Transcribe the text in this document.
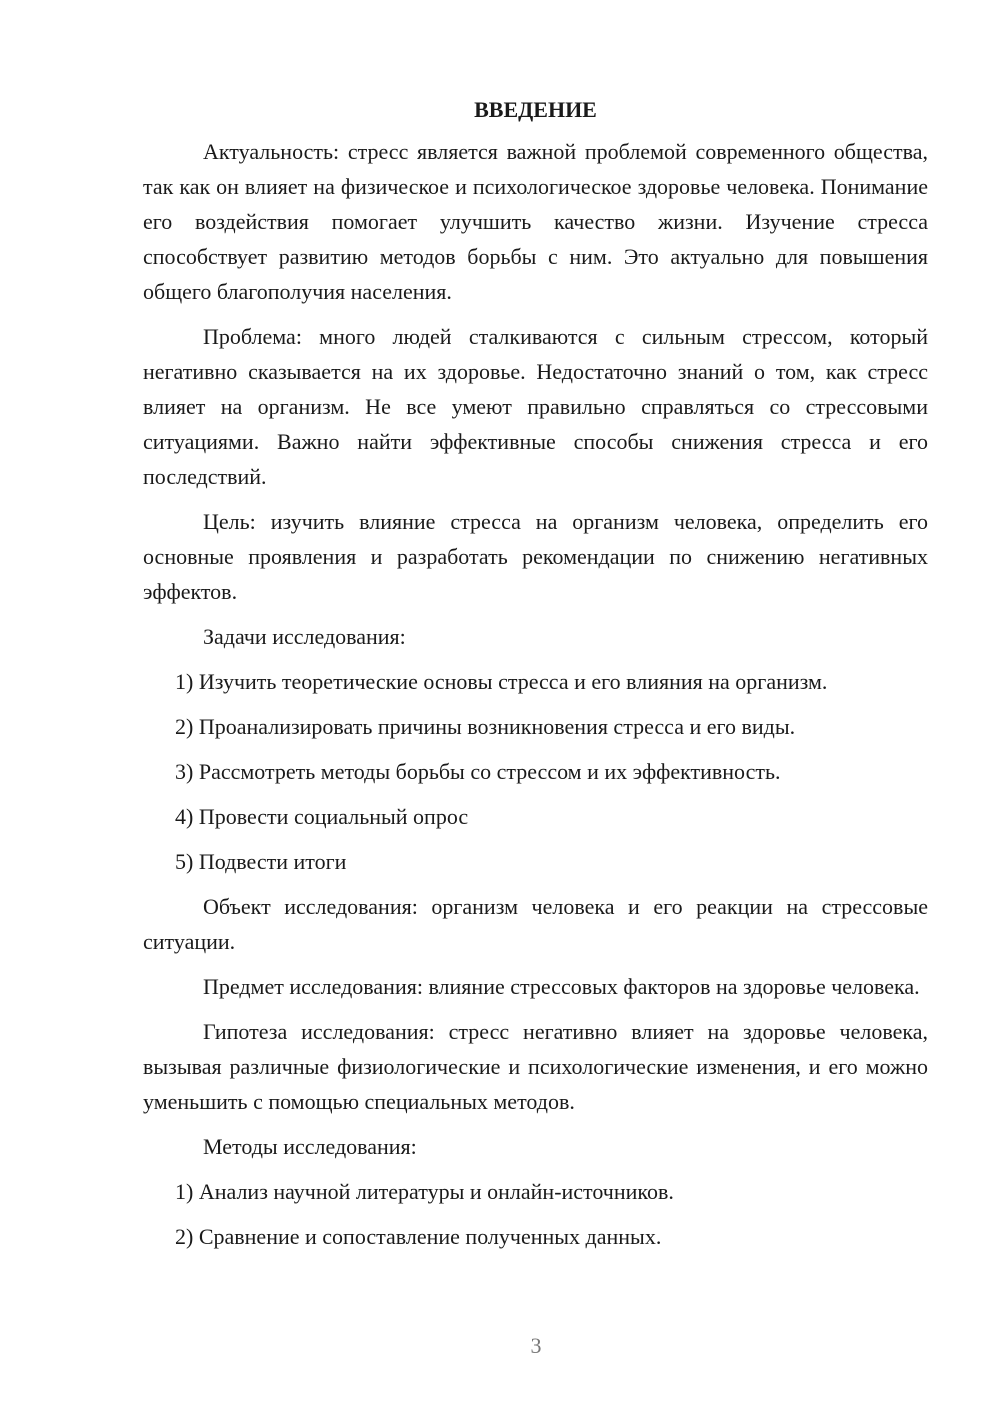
ВВЕДЕНИЕ

Актуальность: стресс является важной проблемой современного общества, так как он влияет на физическое и психологическое здоровье человека. Понимание его воздействия помогает улучшить качество жизни. Изучение стресса способствует развитию методов борьбы с ним. Это актуально для повышения общего благополучия населения.

Проблема: много людей сталкиваются с сильным стрессом, который негативно сказывается на их здоровье. Недостаточно знаний о том, как стресс влияет на организм. Не все умеют правильно справляться со стрессовыми ситуациями. Важно найти эффективные способы снижения стресса и его последствий.

Цель: изучить влияние стресса на организм человека, определить его основные проявления и разработать рекомендации по снижению негативных эффектов.

Задачи исследования:

1) Изучить теоретические основы стресса и его влияния на организм.
2) Проанализировать причины возникновения стресса и его виды.
3) Рассмотреть методы борьбы со стрессом и их эффективность.
4) Провести социальный опрос
5) Подвести итоги

Объект исследования: организм человека и его реакции на стрессовые ситуации.

Предмет исследования: влияние стрессовых факторов на здоровье человека.

Гипотеза исследования: стресс негативно влияет на здоровье человека, вызывая различные физиологические и психологические изменения, и его можно уменьшить с помощью специальных методов.

Методы исследования:

1) Анализ научной литературы и онлайн-источников.
2) Сравнение и сопоставление полученных данных.
3
